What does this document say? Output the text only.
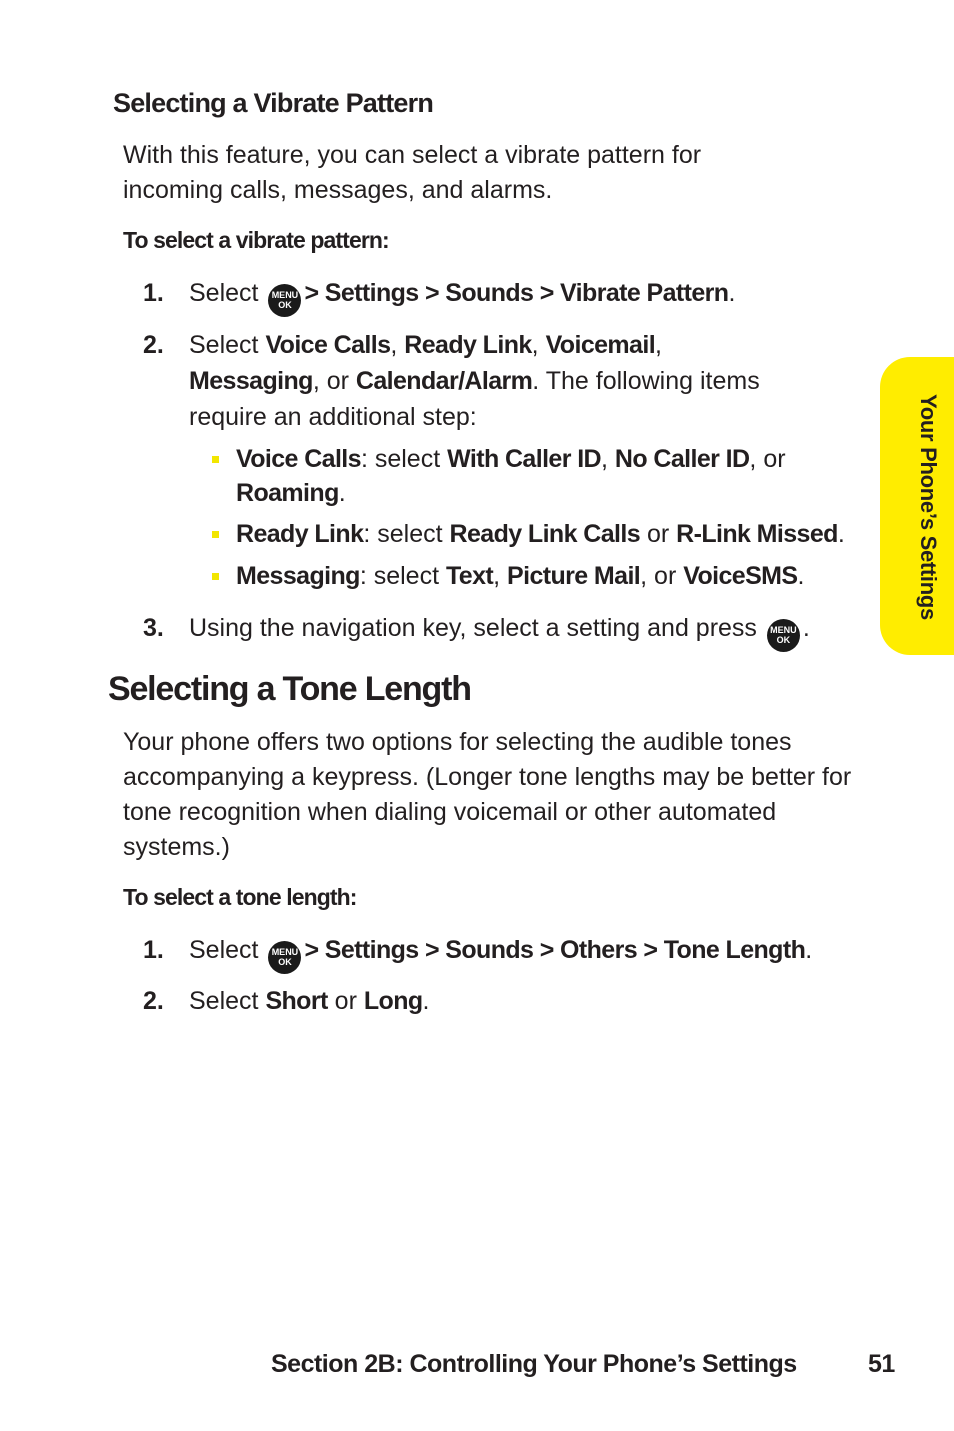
Selecting a Vibrate Pattern
With this feature, you can select a vibrate pattern for incoming calls, messages, and alarms.
To select a vibrate pattern:
1. Select	MENU
OK > Settings > Sounds > Vibrate Pattern.
2. Select Voice Calls, Ready Link, Voicemail, Messaging, or Calendar/Alarm. The following items require an additional step:
Voice Calls: select With Caller ID, No Caller ID, or Roaming.
Ready Link: select Ready Link Calls or R-Link Missed.
Messaging: select Text, Picture Mail, or VoiceSMS.
3. Using the navigation key, select a setting and press	MENU
OK .
Selecting a Tone Length
Your phone offers two options for selecting the audible tones accompanying a keypress. (Longer tone lengths may be better for tone recognition when dialing voicemail or other automated systems.)
To select a tone length:
1. Select	MENU
OK > Settings > Sounds > Others > Tone Length.
2. Select Short or Long.
Your Phone’s Settings
Section 2B: Controlling Your Phone’s Settings	51
